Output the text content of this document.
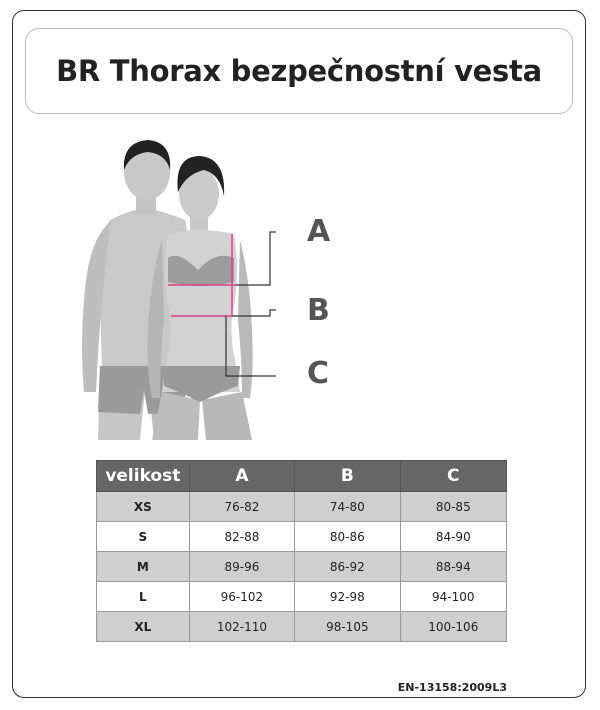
BR Thorax bezpečnostní vesta
A
B
C
velikost	A	B	C
XS	76-82	74-80	80-85
S	82-88	80-86	84-90
M	89-96	86-92	88-94
L	96-102	92-98	94-100
XL	102-110	98-105	100-106
EN-13158:2009L3
